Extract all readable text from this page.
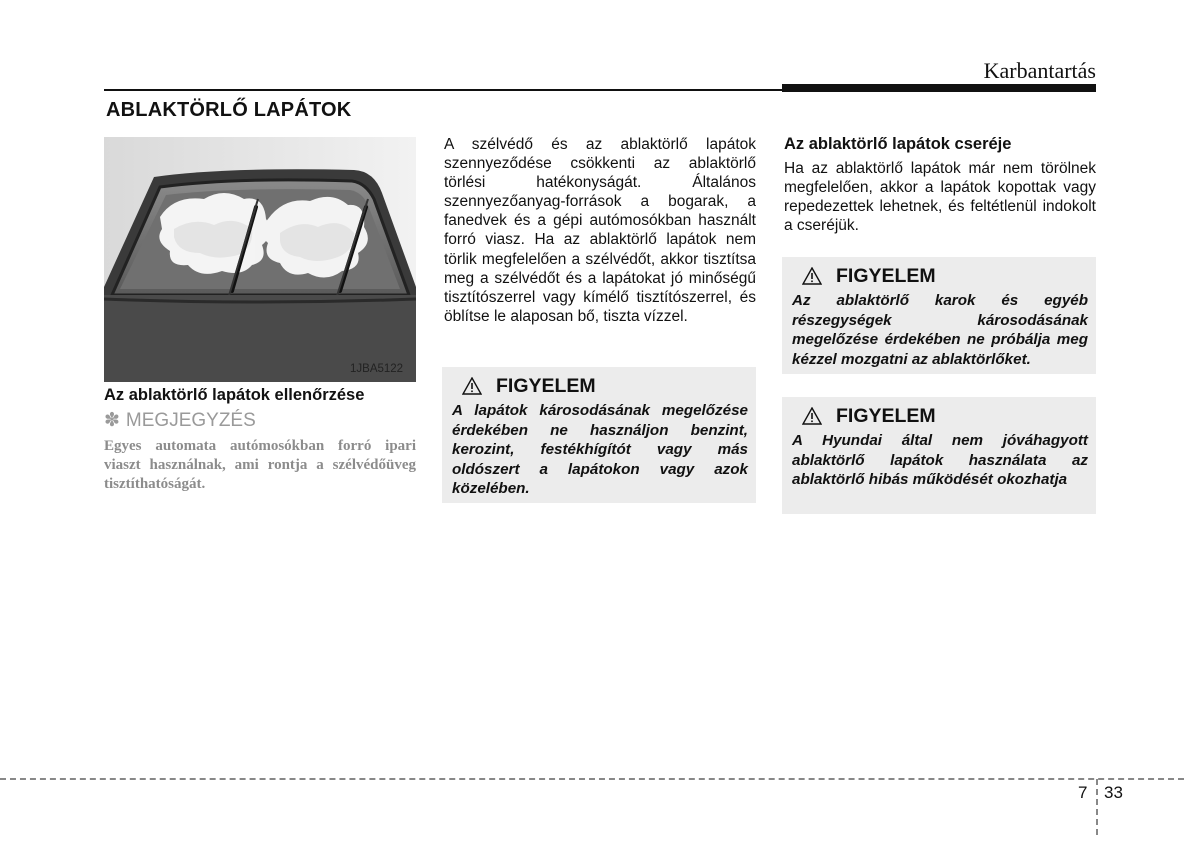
Karbantartás
ABLAKTÖRLŐ LAPÁTOK
1JBA5122
Az ablaktörlő lapátok ellenőrzése
✽ MEGJEGYZÉS
Egyes automata autómosókban forró ipari viaszt használnak, ami rontja a szélvédőüveg tisztíthatóságát.
A szélvédő és az ablaktörlő lapátok szennyeződése csökkenti az ablaktörlő törlési hatékonyságát. Általános szennyezőanyag-források a bogarak, a fanedvek és a gépi autómosókban használt forró viasz. Ha az ablaktörlő lapátok nem törlik megfelelően a szélvédőt, akkor tisztítsa meg a szélvédőt és a lapátokat jó minőségű tisztítószerrel vagy kímélő tisztítószerrel, és öblítse le alaposan bő, tiszta vízzel.
FIGYELEM
A lapátok károsodásának megelőzése érdekében ne használjon benzint, kerozint, festékhígítót vagy más oldószert a lapátokon vagy azok közelében.
Az ablaktörlő lapátok cseréje
Ha az ablaktörlő lapátok már nem törölnek megfelelően, akkor a lapátok kopottak vagy repedezettek lehetnek, és feltétlenül indokolt a cseréjük.
FIGYELEM
Az ablaktörlő karok és egyéb részegységek károsodásának megelőzése érdekében ne próbálja meg kézzel mozgatni az ablaktörlőket.
FIGYELEM
A Hyundai által nem jóváhagyott ablaktörlő lapátok használata az ablaktörlő hibás működését okozhatja
7 33
